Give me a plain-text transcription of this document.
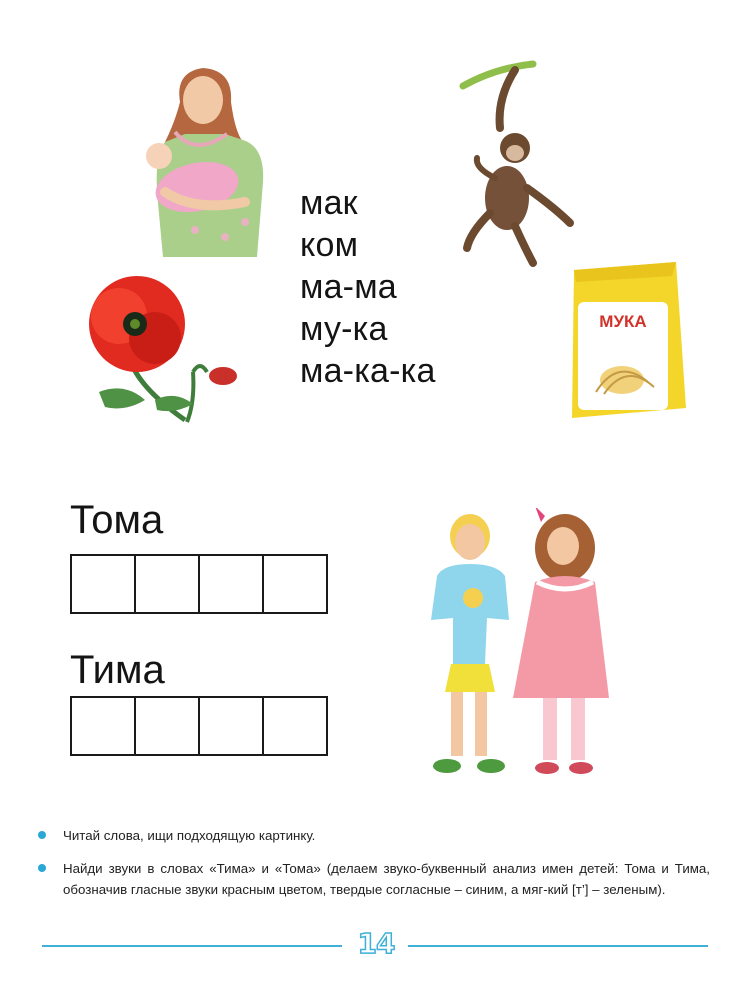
МУКА
мак
ком
ма-ма
му-ка
ма-ка-ка
Тома
Тима
Читай слова, ищи подходящую картинку.
Найди звуки в словах «Тима» и «Тома» (делаем звуко-буквенный анализ имен детей: Тома и Тима, обозначив гласные звуки красным цветом, твердые согласные – синим, а мяг-кий [т’] – зеленым).
14
